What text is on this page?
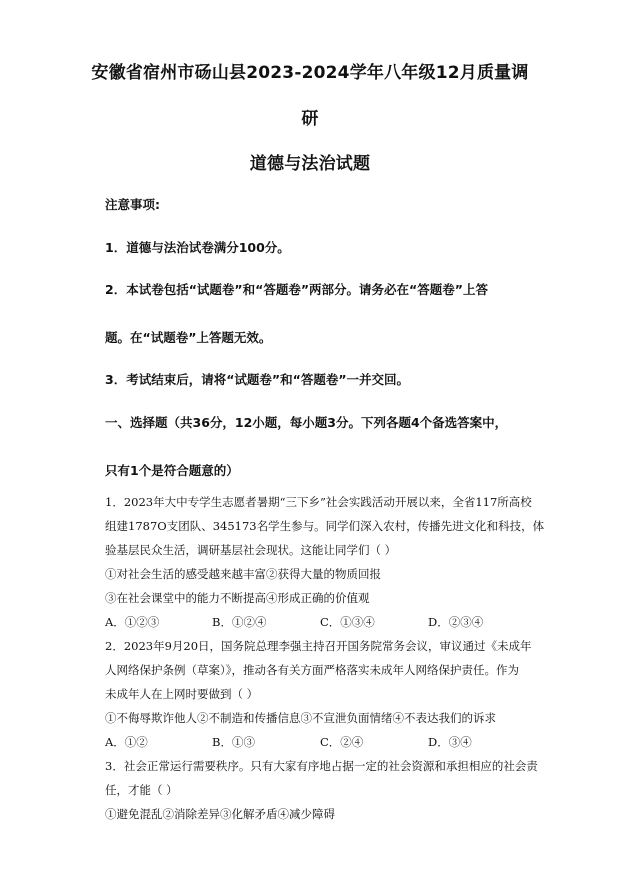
安徽省宿州市砀山县2023-2024学年八年级12月质量调
研
道德与法治试题
注意事项:
1．道德与法治试卷满分100分。
2．本试卷包括“试题卷”和“答题卷”两部分。请务必在“答题卷”上答
题。在“试题卷”上答题无效。
3．考试结束后，请将“试题卷”和“答题卷”一并交回。
一、选择题（共36分，12小题，每小题3分。下列各题4个备选答案中，
只有1个是符合题意的）
1．2023年大中专学生志愿者暑期“三下乡”社会实践活动开展以来，全省117所高校
组建1787O支团队、345173名学生参与。同学们深入农村，传播先进文化和科技，体
验基层民众生活，调研基层社会现状。这能让同学们（ ）
①对社会生活的感受越来越丰富②获得大量的物质回报
③在社会课堂中的能力不断提高④形成正确的价值观
A．①②③	B．①②④	C．①③④	D．②③④
2．2023年9月20日，国务院总理李强主持召开国务院常务会议，审议通过《未成年
人网络保护条例（草案）》，推动各有关方面严格落实未成年人网络保护责任。作为
未成年人在上网时要做到（ ）
①不侮辱欺诈他人②不制造和传播信息③不宣泄负面情绪④不表达我们的诉求
A．①②	B．①③	C．②④	D．③④
3．社会正常运行需要秩序。只有大家有序地占据一定的社会资源和承担相应的社会责
任，才能（ ）
①避免混乱②消除差异③化解矛盾④减少障碍
